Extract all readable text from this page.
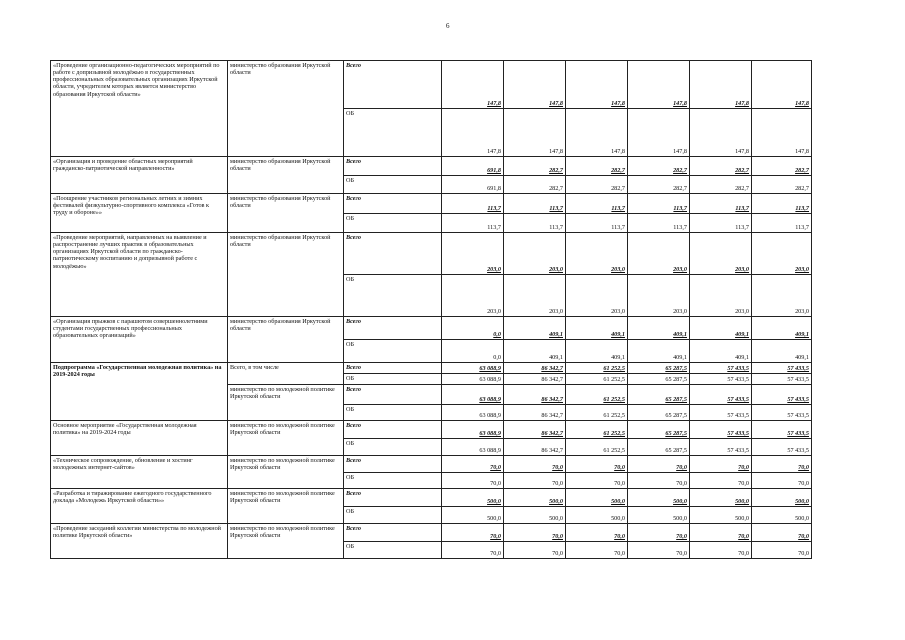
6
«Проведение организационно-педагогических мероприятий по работе с допризывной молодёжью в государственных профессиональных образовательных организациях Иркутской области, учредителем которых является министерство образования Иркутской области»	министерство образования Иркутской области	Всего	147,8	147,8	147,8	147,8	147,8	147,8
		ОБ	147,8	147,8	147,8	147,8	147,8	147,8
«Организация и проведение областных мероприятий гражданско-патриотической направленности»	министерство образования Иркутской области	Всего	691,8	282,7	282,7	282,7	282,7	282,7
		ОБ	691,8	282,7	282,7	282,7	282,7	282,7
«Поощрение участников региональных летних и зимних фестивалей физкультурно-спортивного комплекса «Готов к труду и обороне»»	министерство образования Иркутской области	Всего	113,7	113,7	113,7	113,7	113,7	113,7
		ОБ	113,7	113,7	113,7	113,7	113,7	113,7
«Проведение мероприятий, направленных на выявление и распространение лучших практик в образовательных организациях Иркутской области по гражданско-патриотическому воспитанию и допризывной работе с молодёжью»	министерство образования Иркутской области	Всего	203,0	203,0	203,0	203,0	203,0	203,0
		ОБ	203,0	203,0	203,0	203,0	203,0	203,0
«Организация прыжков с парашютом совершеннолетними студентами государственных профессиональных образовательных организаций»	министерство образования Иркутской области	Всего	0,0	409,1	409,1	409,1	409,1	409,1
		ОБ	0,0	409,1	409,1	409,1	409,1	409,1
Подпрограмма «Государственная молодежная политика» на 2019-2024 годы	Всего, в том числе	Всего	63 088,9	86 342,7	61 252,5	65 287,5	57 433,5	57 433,5
		ОБ	63 088,9	86 342,7	61 252,5	65 287,5	57 433,5	57 433,5
	министерство по молодежной политике Иркутской области	Всего	63 088,9	86 342,7	61 252,5	65 287,5	57 433,5	57 433,5
		ОБ	63 088,9	86 342,7	61 252,5	65 287,5	57 433,5	57 433,5
Основное мероприятие «Государственная молодежная политика» на 2019-2024 годы	министерство по молодежной политике Иркутской области	Всего	63 088,9	86 342,7	61 252,5	65 287,5	57 433,5	57 433,5
		ОБ	63 088,9	86 342,7	61 252,5	65 287,5	57 433,5	57 433,5
«Техническое сопровождение, обновление и хостинг молодежных интернет-сайтов»	министерство по молодежной политике Иркутской области	Всего	70,0	70,0	70,0	70,0	70,0	70,0
		ОБ	70,0	70,0	70,0	70,0	70,0	70,0
«Разработка и тиражирование ежегодного государственного доклада «Молодежь Иркутской области»»	министерство по молодежной политике Иркутской области	Всего	500,0	500,0	500,0	500,0	500,0	500,0
		ОБ	500,0	500,0	500,0	500,0	500,0	500,0
«Проведение заседаний коллегии министерства по молодежной политике Иркутской области»	министерство по молодежной политике Иркутской области	Всего	70,0	70,0	70,0	70,0	70,0	70,0
		ОБ	70,0	70,0	70,0	70,0	70,0	70,0
